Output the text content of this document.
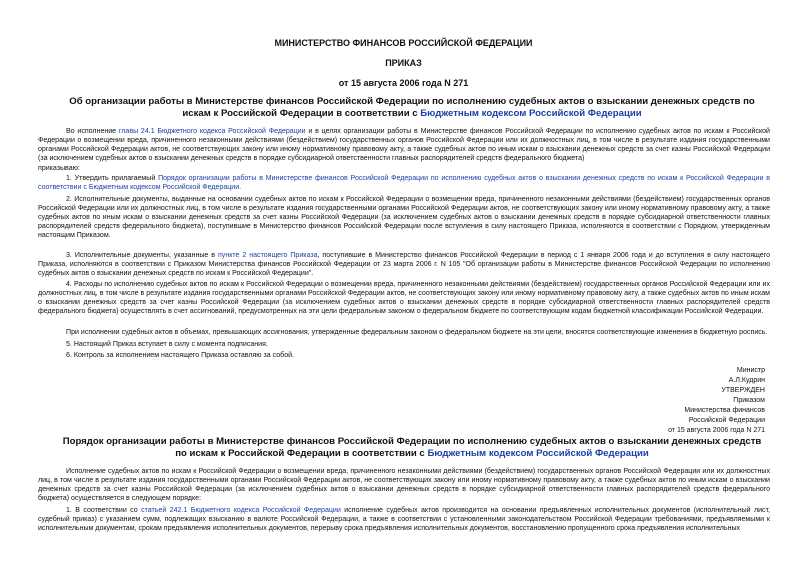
МИНИСТЕРСТВО ФИНАНСОВ РОССИЙСКОЙ ФЕДЕРАЦИИ
ПРИКАЗ
от 15 августа 2006 года N 271
Об организации работы в Министерстве финансов Российской Федерации по исполнению судебных актов о взыскании денежных средств по искам к Российской Федерации в соответствии с Бюджетным кодексом Российской Федерации
Во исполнение главы 24.1 Бюджетного кодекса Российской Федерации и в целях организации работы в Министерстве финансов Российской Федерации по исполнению судебных актов по искам к Российской Федерации о возмещении вреда, причиненного незаконными действиями (бездействием) государственных органов Российской Федерации или их должностных лиц, в том числе в результате издания государственными органами Российской Федерации актов, не соответствующих закону или иному нормативному правовому акту, а также судебных актов по иным искам о взыскании денежных средств за счет казны Российской Федерации (за исключением судебных актов о взыскании денежных средств в порядке субсидиарной ответственности главных распорядителей средств федерального бюджета)
приказываю:
1. Утвердить прилагаемый Порядок организации работы в Министерстве финансов Российской Федерации по исполнению судебных актов о взыскании денежных средств по искам к Российской Федерации в соответствии с Бюджетным кодексом Российской Федерации.
2. Исполнительные документы, выданные на основании судебных актов по искам к Российской Федерации о возмещении вреда, причиненного незаконными действиями (бездействием) государственных органов Российской Федерации или их должностных лиц, в том числе в результате издания государственными органами Российской Федерации актов, не соответствующих закону или иному нормативному правовому акту, а также судебных актов по иным искам о взыскании денежных средств за счет казны Российской Федерации (за исключением судебных актов о взыскании денежных средств в порядке субсидиарной ответственности главных распорядителей средств федерального бюджета), поступившие в Министерство финансов Российской Федерации после вступления в силу настоящего Приказа, исполняются в соответствии с Порядком, утвержденным настоящим Приказом.
3. Исполнительные документы, указанные в пункте 2 настоящего Приказа, поступившие в Министерство финансов Российской Федерации в период с 1 января 2006 года и до вступления в силу настоящего Приказа, исполняются в соответствии с Приказом Министерства финансов Российской Федерации от 23 марта 2006 г. N 105 "Об организации работы в Министерстве финансов Российской Федерации по исполнению судебных актов о взыскании денежных средств по искам к Российской Федерации".
4. Расходы по исполнению судебных актов по искам к Российской Федерации о возмещении вреда, причиненного незаконными действиями (бездействием) государственных органов Российской Федерации или их должностных лиц, в том числе в результате издания государственными органами Российской Федерации актов, не соответствующих закону или иному нормативному правовому акту, а также судебных актов по иным искам о взыскании денежных средств за счет казны Российской Федерации (за исключением судебных актов о взыскании денежных средств в порядке субсидиарной ответственности главных распорядителей средств федерального бюджета) осуществлять в счет ассигнований, предусмотренных на эти цели федеральным законом о федеральном бюджете по соответствующим кодам бюджетной классификации Российской Федерации.
При исполнении судебных актов в объемах, превышающих ассигнования, утвержденные федеральным законом о федеральном бюджете на эти цели, вносятся соответствующие изменения в бюджетную роспись.
5. Настоящий Приказ вступает в силу с момента подписания.
6. Контроль за исполнением настоящего Приказа оставляю за собой.
Министр
А.Л.Кудрин
УТВЕРЖДЕН
Приказом
Министерства финансов
Российской Федерации
от 15 августа 2006 года N 271
Порядок организации работы в Министерстве финансов Российской Федерации по исполнению судебных актов о взыскании денежных средств по искам к Российской Федерации в соответствии с Бюджетным кодексом Российской Федерации
Исполнение судебных актов по искам к Российской Федерации о возмещении вреда, причиненного незаконными действиями (бездействием) государственных органов Российской Федерации или их должностных лиц, в том числе в результате издания государственными органами Российской Федерации актов, не соответствующих закону или иному нормативному правовому акту, а также судебных актов по иным искам о взыскании денежных средств за счет казны Российской Федерации (за исключением судебных актов о взыскании денежных средств в порядке субсидиарной ответственности главных распорядителей средств федерального бюджета) осуществляется в следующем порядке:
1. В соответствии со статьей 242.1 Бюджетного кодекса Российской Федерации исполнение судебных актов производится на основании предъявленных исполнительных документов (исполнительный лист, судебный приказ) с указанием сумм, подлежащих взысканию в валюте Российской Федерации, а также в соответствии с установленными законодательством Российской Федерации требованиями, предъявляемыми к исполнительным документам, срокам предъявления исполнительных документов, перерыву срока предъявления исполнительных документов, восстановлению пропущенного срока предъявления исполнительных
